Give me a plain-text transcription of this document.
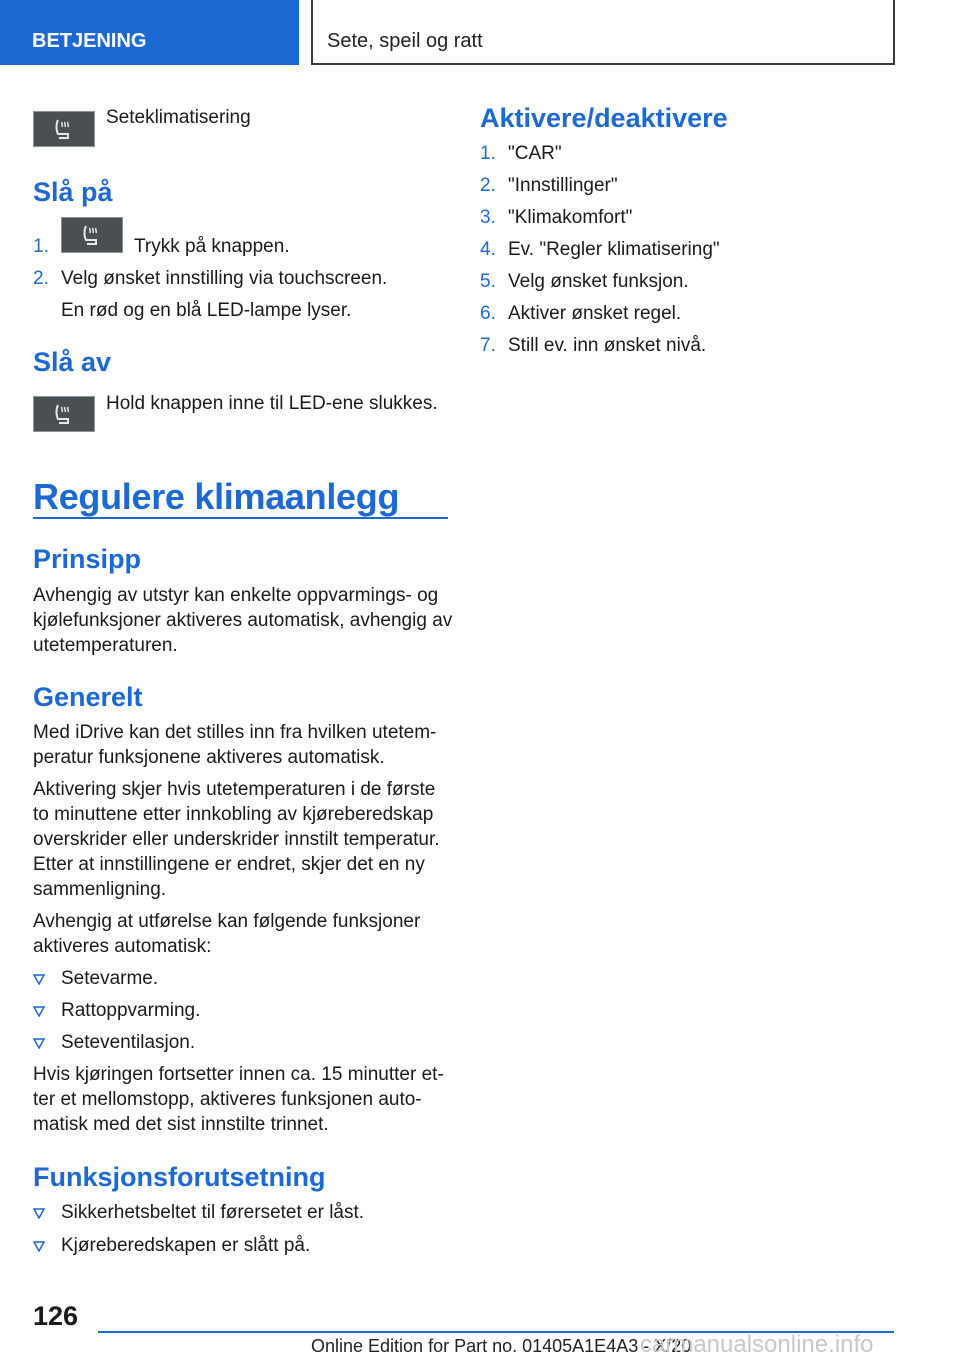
BETJENING	Sete, speil og ratt
Seteklimatisering
Slå på
1.	Trykk på knappen.
2. Velg ønsket innstilling via touchscreen.
En rød og en blå LED-lampe lyser.
Slå av
Hold knappen inne til LED-ene slukkes.
Regulere klimaanlegg
Prinsipp
Avhengig av utstyr kan enkelte oppvarmings- og
kjølefunksjoner aktiveres automatisk, avhengig av
utetemperaturen.
Generelt
Med iDrive kan det stilles inn fra hvilken utetem‐
peratur funksjonene aktiveres automatisk.
Aktivering skjer hvis utetemperaturen i de første
to minuttene etter innkobling av kjøreberedskap
overskrider eller underskrider innstilt temperatur.
Etter at innstillingene er endret, skjer det en ny
sammenligning.
Avhengig at utførelse kan følgende funksjoner
aktiveres automatisk:
Setevarme.
Rattoppvarming.
Seteventilasjon.
Hvis kjøringen fortsetter innen ca. 15 minutter et‐
ter et mellomstopp, aktiveres funksjonen auto‐
matisk med det sist innstilte trinnet.
Funksjonsforutsetning
Sikkerhetsbeltet til førersetet er låst.
Kjøreberedskapen er slått på.
Aktivere/deaktivere
1. "CAR"
2. "Innstillinger"
3. "Klimakomfort"
4. Ev. "Regler klimatisering"
5. Velg ønsket funksjon.
6. Aktiver ønsket regel.
7. Still ev. inn ønsket nivå.
126
Online Edition for Part no. 01405A1E4A3 - X/20
carmanualsonline.info
